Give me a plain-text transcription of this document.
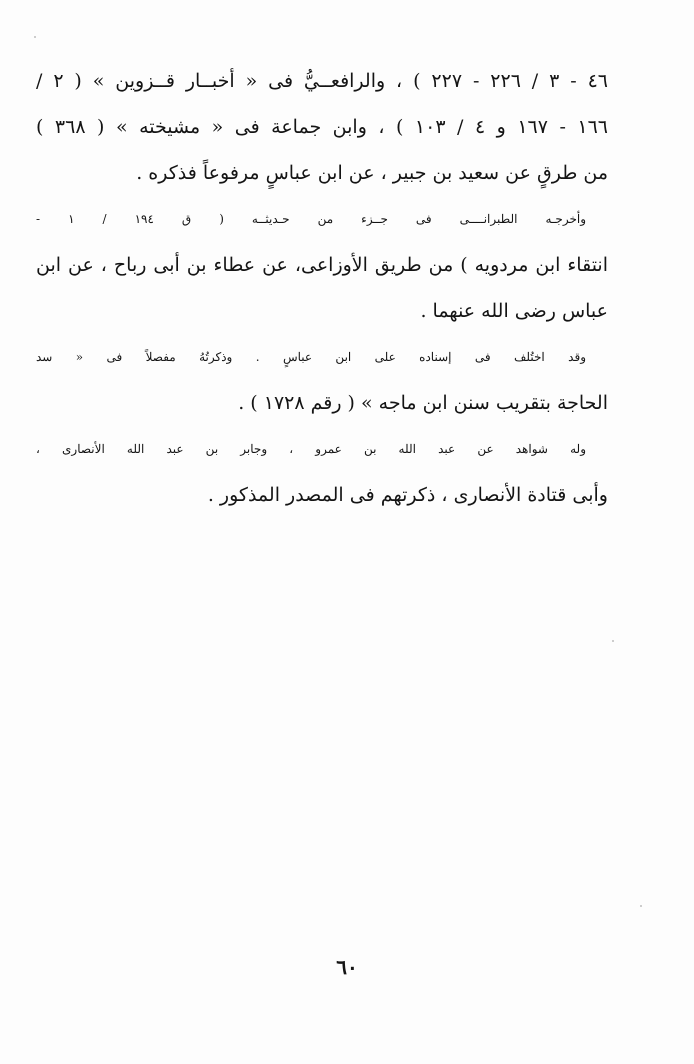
٤٦ - ٣ / ٢٢٦ - ٢٢٧ ) ، والرافعــيُّ فى « أخبــار قــزوين » ( ٢ /
١٦٦ - ١٦٧ و ٤ / ١٠٣ ) ، وابن جماعة فى « مشيخته » ( ٣٦٨ )
من طرقٍ عن سعيد بن جبير ، عن ابن عباسٍ مرفوعاً فذكره .
وأخرجـه الطبرانــــى فى جــزء من حـديثــه ( ق ١٩٤ / ١ -
انتقاء ابن مردويه ) من طريق الأوزاعى، عن عطاء بن أبى رباح ، عن ابن
عباس رضى الله عنهما .
وقد اختُلف فى إسناده على ابن عباسٍ . وذكرتُهُ مفصلاً فى « سد
الحاجة بتقريب سنن ابن ماجه » ( رقم ١٧٢٨ ) .
وله شواهد عن عبد الله بن عمرو ، وجابر بن عبد الله الأنصارى ،
وأبى قتادة الأنصارى ، ذكرتهم فى المصدر المذكور .
٦٠
